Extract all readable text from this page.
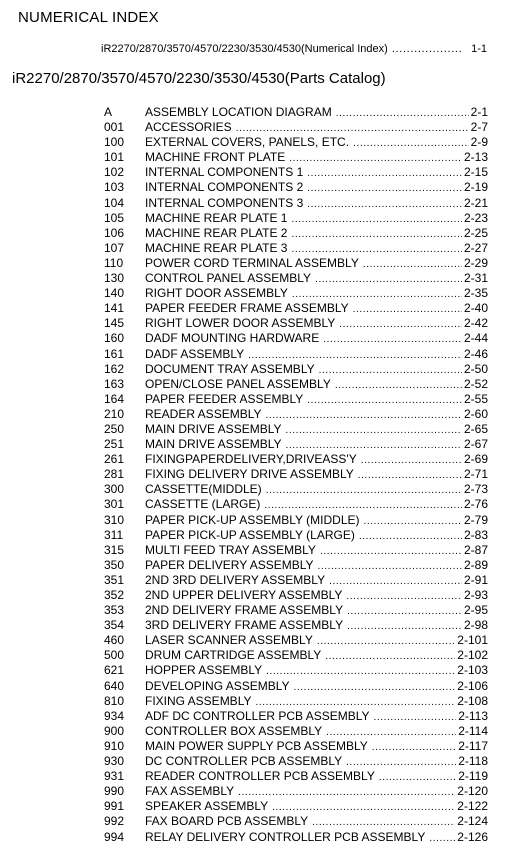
NUMERICAL INDEX
iR2270/2870/3570/4570/2230/3530/4530(Numerical Index) . . .	1-1
iR2270/2870/3570/4570/2230/3530/4530(Parts Catalog)
A	ASSEMBLY LOCATION DIAGRAM .....	2-1
001	ACCESSORIES .....	2-7
100	EXTERNAL COVERS, PANELS, ETC. .....	2-9
101	MACHINE FRONT PLATE .....	2-13
102	INTERNAL COMPONENTS 1 .....	2-15
103	INTERNAL COMPONENTS 2 .....	2-19
104	INTERNAL COMPONENTS 3 .....	2-21
105	MACHINE REAR PLATE 1 .....	2-23
106	MACHINE REAR PLATE 2 .....	2-25
107	MACHINE REAR PLATE 3 .....	2-27
110	POWER CORD TERMINAL ASSEMBLY .....	2-29
130	CONTROL PANEL ASSEMBLY .....	2-31
140	RIGHT DOOR ASSEMBLY .....	2-35
141	PAPER FEEDER FRAME ASSEMBLY .....	2-40
145	RIGHT LOWER DOOR ASSEMBLY .....	2-42
160	DADF MOUNTING HARDWARE .....	2-44
161	DADF ASSEMBLY .....	2-46
162	DOCUMENT TRAY ASSEMBLY .....	2-50
163	OPEN/CLOSE PANEL ASSEMBLY .....	2-52
164	PAPER FEEDER ASSEMBLY .....	2-55
210	READER ASSEMBLY .....	2-60
250	MAIN DRIVE ASSEMBLY .....	2-65
251	MAIN DRIVE ASSEMBLY .....	2-67
261	FIXINGPAPERDELIVERY,DRIVEASS'Y .....	2-69
281	FIXING DELIVERY DRIVE ASSEMBLY .....	2-71
300	CASSETTE(MIDDLE) .....	2-73
301	CASSETTE (LARGE) .....	2-76
310	PAPER PICK-UP ASSEMBLY (MIDDLE) .....	2-79
311	PAPER PICK-UP ASSEMBLY (LARGE) .....	2-83
315	MULTI FEED TRAY ASSEMBLY .....	2-87
350	PAPER DELIVERY ASSEMBLY .....	2-89
351	2ND 3RD DELIVERY ASSEMBLY .....	2-91
352	2ND UPPER DELIVERY ASSEMBLY .....	2-93
353	2ND DELIVERY FRAME ASSEMBLY .....	2-95
354	3RD DELIVERY FRAME ASSEMBLY .....	2-98
460	LASER SCANNER ASSEMBLY .....	2-101
500	DRUM CARTRIDGE ASSEMBLY .....	2-102
621	HOPPER ASSEMBLY .....	2-103
640	DEVELOPING ASSEMBLY .....	2-106
810	FIXING ASSEMBLY .....	2-108
934	ADF DC CONTROLLER PCB ASSEMBLY .....	2-113
900	CONTROLLER BOX ASSEMBLY .....	2-114
910	MAIN POWER SUPPLY PCB ASSEMBLY .....	2-117
930	DC CONTROLLER PCB ASSEMBLY .....	2-118
931	READER CONTROLLER PCB ASSEMBLY .....	2-119
990	FAX ASSEMBLY .....	2-120
991	SPEAKER ASSEMBLY .....	2-122
992	FAX BOARD PCB ASSEMBLY .....	2-124
994	RELAY DELIVERY CONTROLLER PCB ASSEMBLY .....	2-126
